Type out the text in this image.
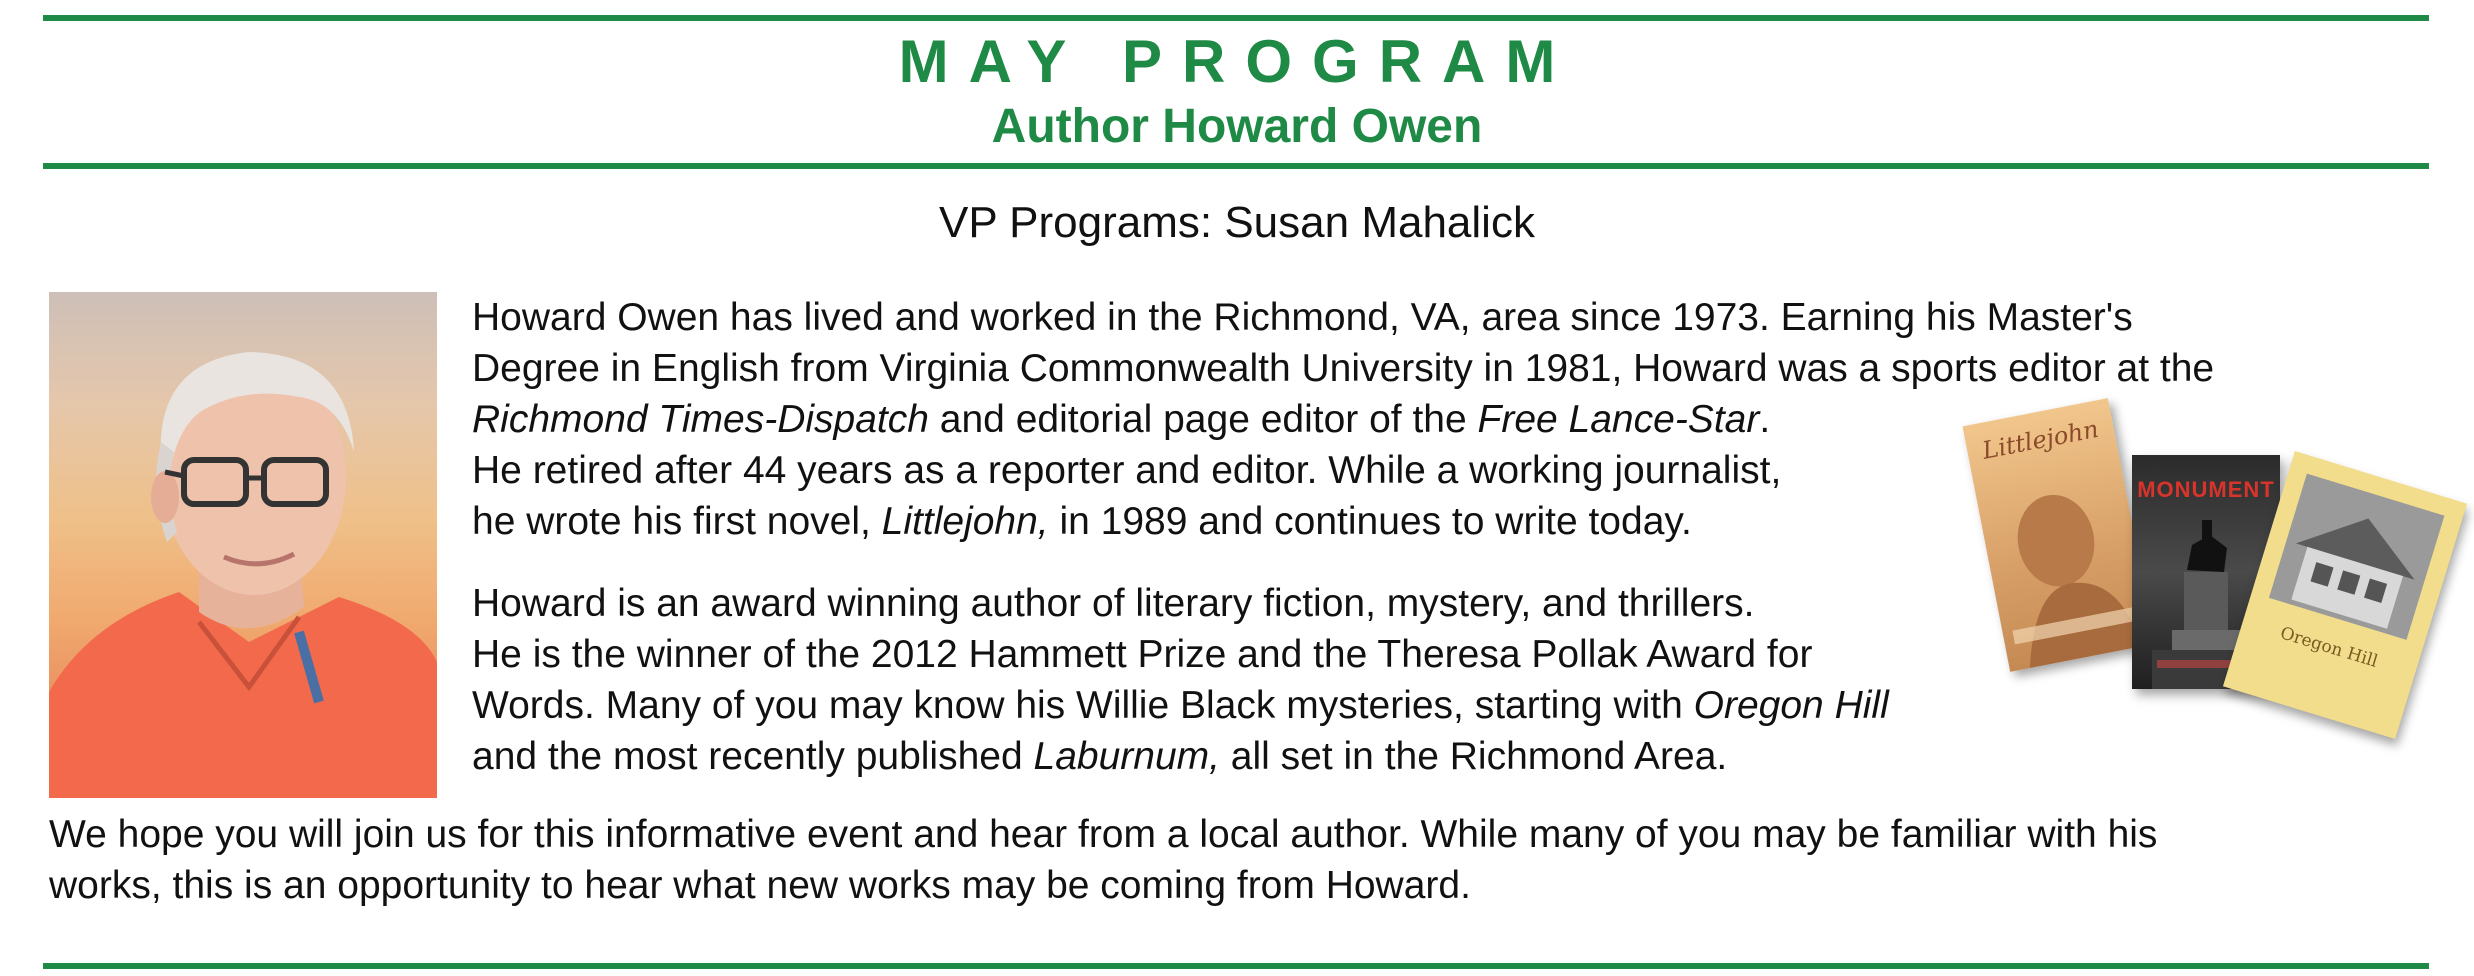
MAY PROGRAM
Author Howard Owen
VP Programs: Susan Mahalick
Howard Owen has lived and worked in the Richmond, VA, area since 1973. Earning his Master's
Degree in English from Virginia Commonwealth University in 1981, Howard was a sports editor at the
Richmond Times-Dispatch and editorial page editor of the Free Lance-Star.
He retired after 44 years as a reporter and editor. While a working journalist,
he wrote his first novel, Littlejohn, in 1989 and continues to write today.
Howard is an award winning author of literary fiction, mystery, and thrillers.
He is the winner of the 2012 Hammett Prize and the Theresa Pollak Award for
Words. Many of you may know his Willie Black mysteries, starting with Oregon Hill
and the most recently published Laburnum, all set in the Richmond Area.
Littlejohn
MONUMENT
Oregon Hill
We hope you will join us for this informative event and hear from a local author. While many of you may be familiar with his
works, this is an opportunity to hear what new works may be coming from Howard.
